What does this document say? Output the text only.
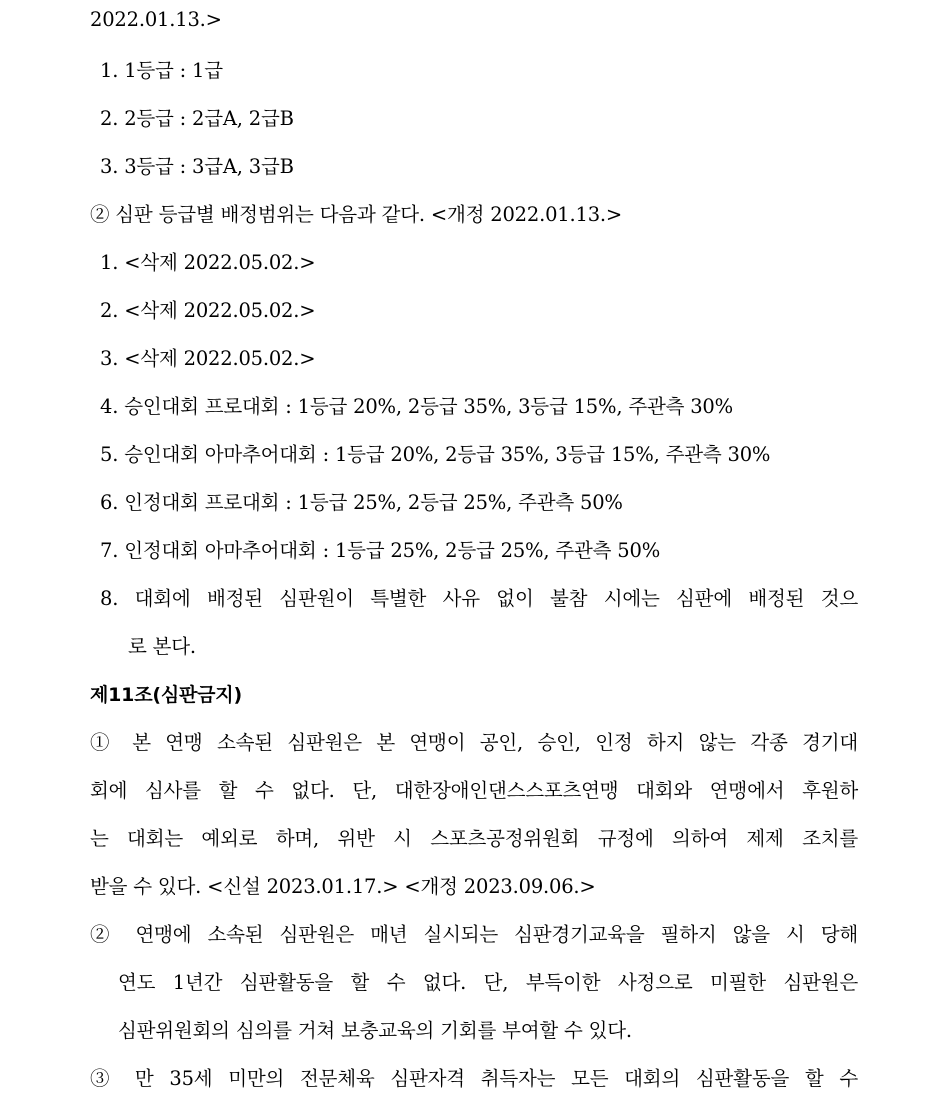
2022.01.13.>
1. 1등급 : 1급
2. 2등급 : 2급A, 2급B
3. 3등급 : 3급A, 3급B
② 심판 등급별 배정범위는 다음과 같다. <개정 2022.01.13.>
1. <삭제 2022.05.02.>
2. <삭제 2022.05.02.>
3. <삭제 2022.05.02.>
4. 승인대회 프로대회 : 1등급 20%, 2등급 35%, 3등급 15%, 주관측 30%
5. 승인대회 아마추어대회 : 1등급 20%, 2등급 35%, 3등급 15%, 주관측 30%
6. 인정대회 프로대회 : 1등급 25%, 2등급 25%, 주관측 50%
7. 인정대회 아마추어대회 : 1등급 25%, 2등급 25%, 주관측 50%
8. 대회에 배정된 심판원이 특별한 사유 없이 불참 시에는 심판에 배정된 것으
로 본다.
제11조(심판금지)
① 본 연맹 소속된 심판원은 본 연맹이 공인, 승인, 인정 하지 않는 각종 경기대
회에 심사를 할 수 없다. 단, 대한장애인댄스스포츠연맹 대회와 연맹에서 후원하
는 대회는 예외로 하며, 위반 시 스포츠공정위원회 규정에 의하여 제제 조치를
받을 수 있다. <신설 2023.01.17.> <개정 2023.09.06.>
② 연맹에 소속된 심판원은 매년 실시되는 심판경기교육을 필하지 않을 시 당해
연도 1년간 심판활동을 할 수 없다. 단, 부득이한 사정으로 미필한 심판원은
심판위원회의 심의를 거쳐 보충교육의 기회를 부여할 수 있다.
③ 만 35세 미만의 전문체육 심판자격 취득자는 모든 대회의 심판활동을 할 수
